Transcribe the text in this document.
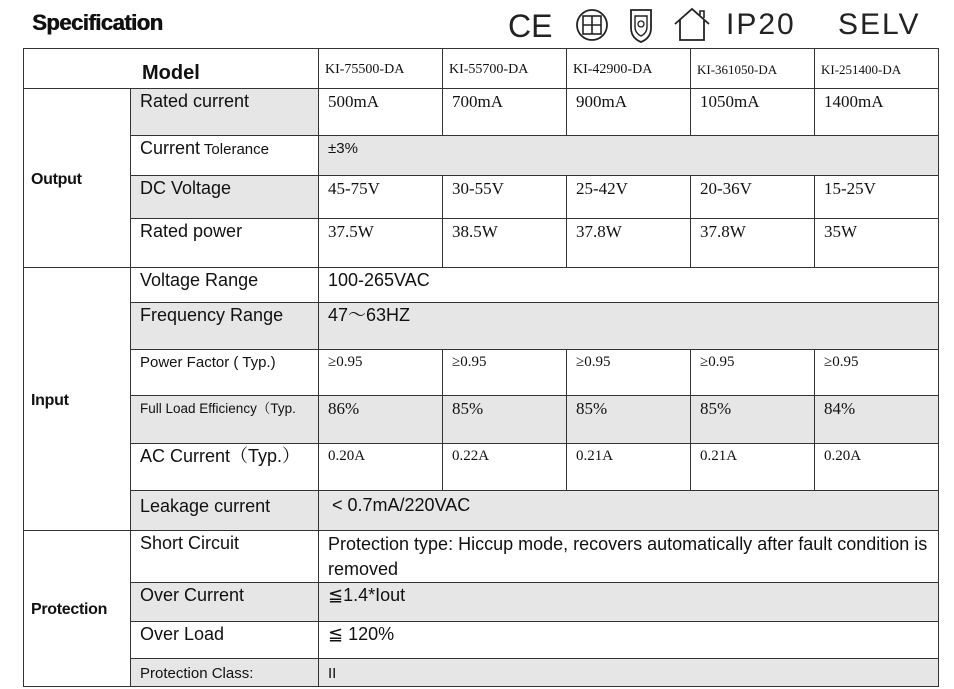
Specification	CE	IP20 SELV
Model		KI-75500-DA	KI-55700-DA	KI-42900-DA	KI-361050-DA	KI-251400-DA
Output	Rated current	500mA	700mA	900mA	1050mA	1400mA
	Current Tolerance	±3%				
	DC Voltage	45-75V	30-55V	25-42V	20-36V	15-25V
	Rated power	37.5W	38.5W	37.8W	37.8W	35W
Input	Voltage Range	100-265VAC				
	Frequency Range	47～63HZ				
	Power Factor ( Typ.)	≥0.95	≥0.95	≥0.95	≥0.95	≥0.95
	Full Load Efficiency（Typ.	86%	85%	85%	85%	84%
	AC Current（Typ.）	0.20A	0.22A	0.21A	0.21A	0.20A
	Leakage current	< 0.7mA/220VAC				
Protection	Short Circuit	Protection type: Hiccup mode, recovers automatically after fault condition is removed				
	Over Current	≦1.4*Iout				
	Over Load	≦ 120%				
	Protection Class:	II				
